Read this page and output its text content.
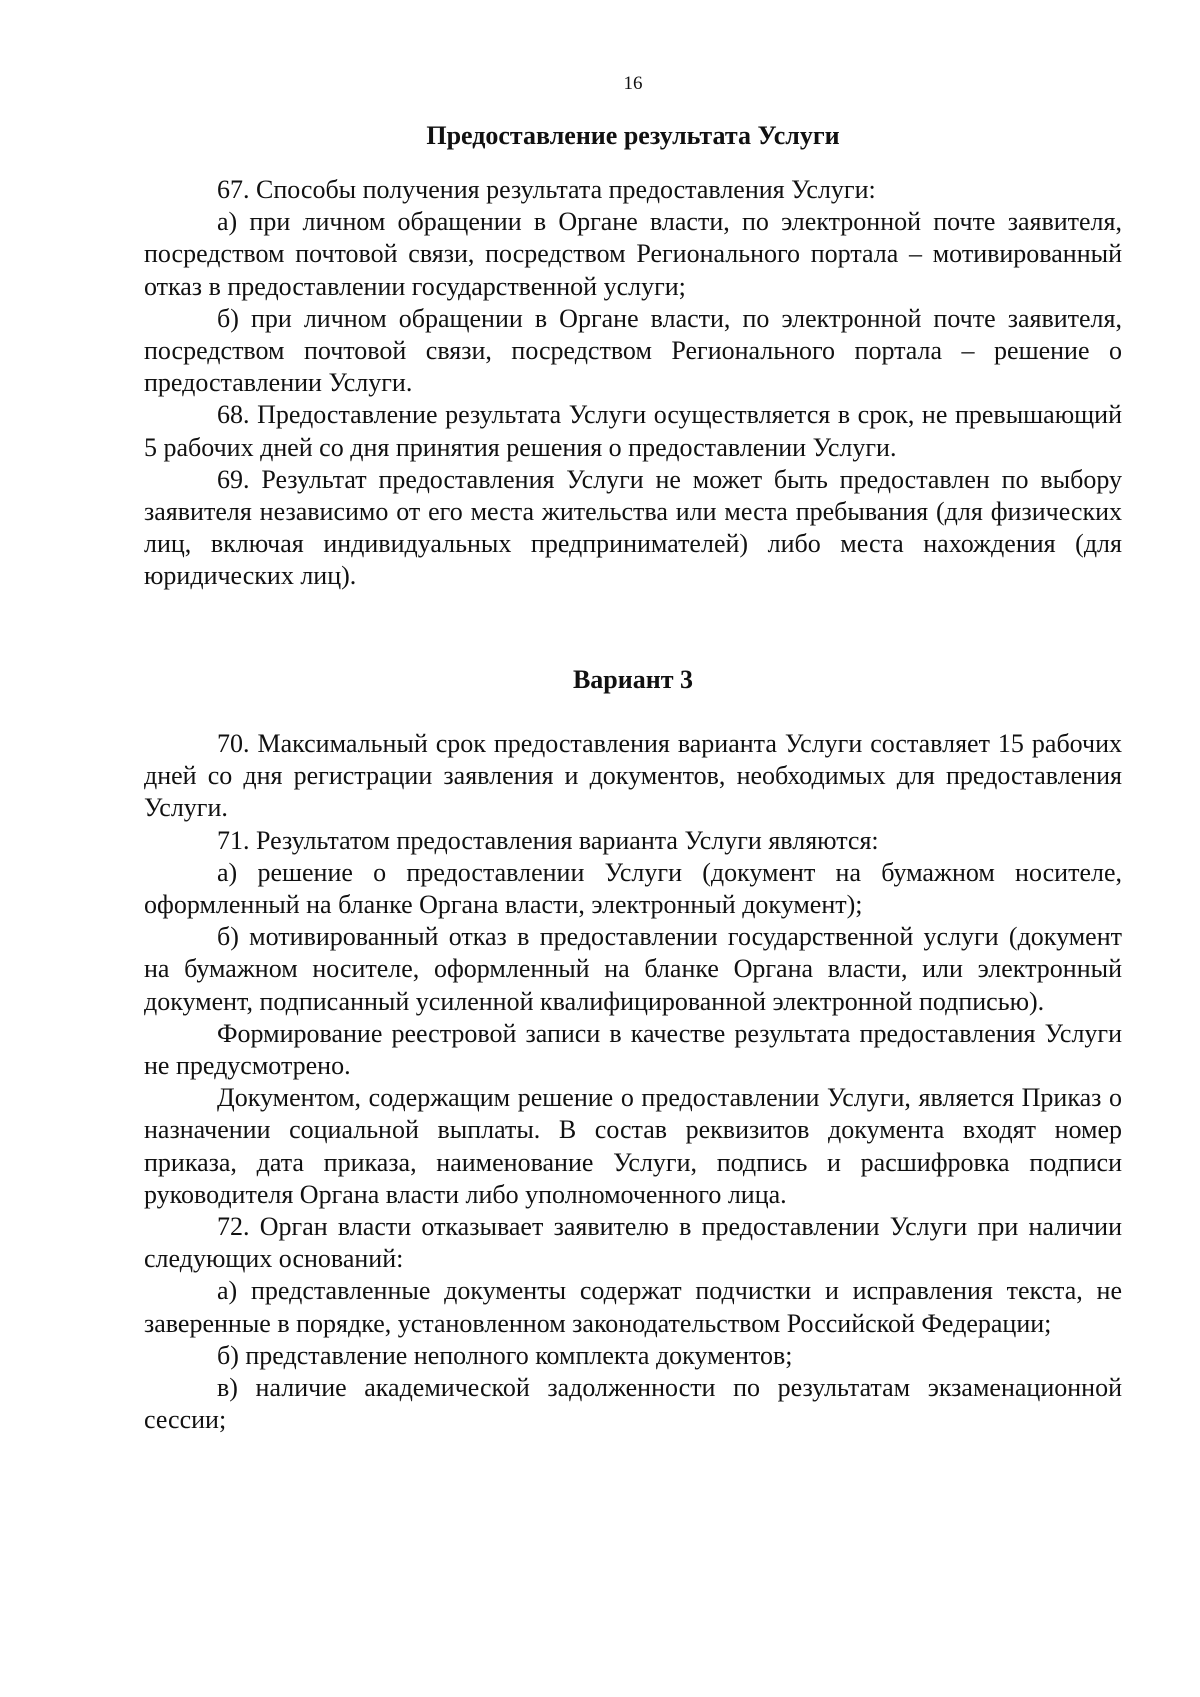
16
Предоставление результата Услуги

67. Способы получения результата предоставления Услуги:

а) при личном обращении в Органе власти, по электронной почте заявителя, посредством почтовой связи, посредством Регионального портала – мотивированный отказ в предоставлении государственной услуги;

б) при личном обращении в Органе власти, по электронной почте заявителя, посредством почтовой связи, посредством Регионального портала – решение о предоставлении Услуги.

68. Предоставление результата Услуги осуществляется в срок, не превышающий 5 рабочих дней со дня принятия решения о предоставлении Услуги.

69. Результат предоставления Услуги не может быть предоставлен по выбору заявителя независимо от его места жительства или места пребывания (для физических лиц, включая индивидуальных предпринимателей) либо места нахождения (для юридических лиц).

Вариант 3

70. Максимальный срок предоставления варианта Услуги составляет 15 рабочих дней со дня регистрации заявления и документов, необходимых для предоставления Услуги.

71. Результатом предоставления варианта Услуги являются:

а) решение о предоставлении Услуги (документ на бумажном носителе, оформленный на бланке Органа власти, электронный документ);

б) мотивированный отказ в предоставлении государственной услуги (документ на бумажном носителе, оформленный на бланке Органа власти, или электронный документ, подписанный усиленной квалифицированной электронной подписью).

Формирование реестровой записи в качестве результата предоставления Услуги не предусмотрено.

Документом, содержащим решение о предоставлении Услуги, является Приказ о назначении социальной выплаты. В состав реквизитов документа входят номер приказа, дата приказа, наименование Услуги, подпись и расшифровка подписи руководителя Органа власти либо уполномоченного лица.

72. Орган власти отказывает заявителю в предоставлении Услуги при наличии следующих оснований:

а) представленные документы содержат подчистки и исправления текста, не заверенные в порядке, установленном законодательством Российской Федерации;

б) представление неполного комплекта документов;

в) наличие академической задолженности по результатам экзаменационной сессии;
